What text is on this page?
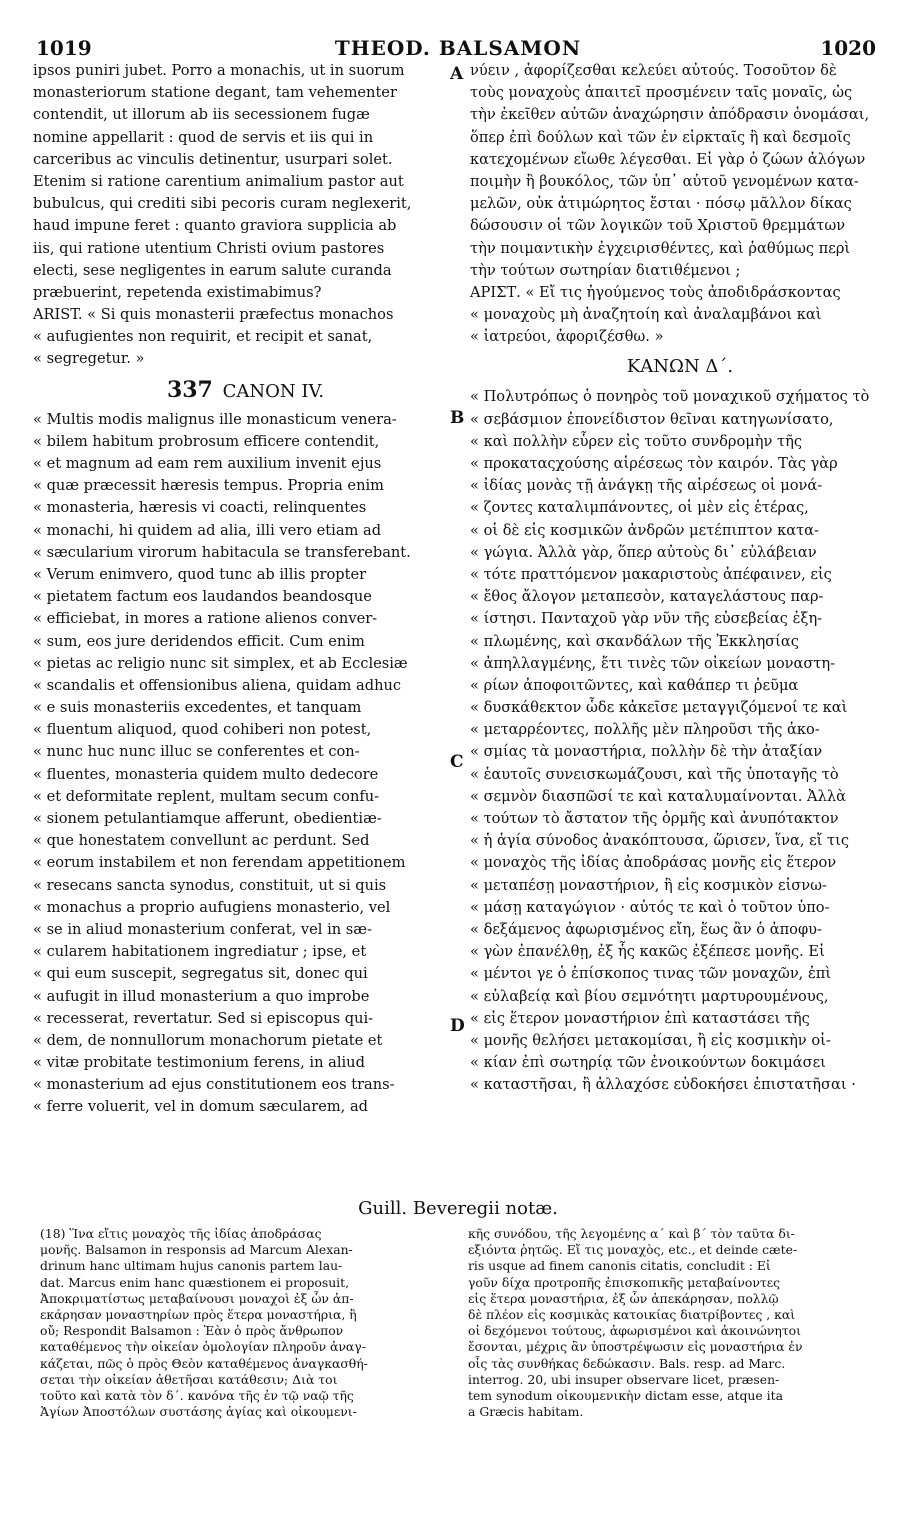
1019	THEOD. BALSAMON	1020
A
B
C
D
ipsos puniri jubet. Porro a monachis, ut in suorum
monasteriorum statione degant, tam vehementer
contendit, ut illorum ab iis secessionem fugæ
nomine appellarit : quod de servis et iis qui in
carceribus ac vinculis detinentur, usurpari solet.
Etenim si ratione carentium animalium pastor aut
bubulcus, qui crediti sibi pecoris curam neglexerit,
haud impune feret : quanto graviora supplicia ab
iis, qui ratione utentium Christi ovium pastores
electi, sese negligentes in earum salute curanda
præbuerint, repetenda existimabimus?
ARIST. « Si quis monasterii præfectus monachos
« aufugientes non requirit, et recipit et sanat,
« segregetur. »
337 CANON IV.
« Multis modis malignus ille monasticum venera-
« bilem habitum probrosum efficere contendit,
« et magnum ad eam rem auxilium invenit ejus
« quæ præcessit hæresis tempus. Propria enim
« monasteria, hæresis vi coacti, relinquentes
« monachi, hi quidem ad alia, illi vero etiam ad
« sæcularium virorum habitacula se transferebant.
« Verum enimvero, quod tunc ab illis propter
« pietatem factum eos laudandos beandosque
« efficiebat, in mores a ratione alienos conver-
« sum, eos jure deridendos efficit. Cum enim
« pietas ac religio nunc sit simplex, et ab Ecclesiæ
« scandalis et offensionibus aliena, quidam adhuc
« e suis monasteriis excedentes, et tanquam
« fluentum aliquod, quod cohiberi non potest,
« nunc huc nunc illuc se conferentes et con-
« fluentes, monasteria quidem multo dedecore
« et deformitate replent, multam secum confu-
« sionem petulantiamque afferunt, obedientiæ-
« que honestatem convellunt ac perdunt. Sed
« eorum instabilem et non ferendam appetitionem
« resecans sancta synodus, constituit, ut si quis
« monachus a proprio aufugiens monasterio, vel
« se in aliud monasterium conferat, vel in sæ-
« cularem habitationem ingrediatur ; ipse, et
« qui eum suscepit, segregatus sit, donec qui
« aufugit in illud monasterium a quo improbe
« recesserat, revertatur. Sed si episcopus qui-
« dem, de nonnullorum monachorum pietate et
« vitæ probitate testimonium ferens, in aliud
« monasterium ad ejus constitutionem eos trans-
« ferre voluerit, vel in domum sæcularem, ad
νύειν , ἀφορίζεσθαι κελεύει αὐτούς. Τοσοῦτον δὲ
τοὺς μοναχοὺς ἀπαιτεῖ προσμένειν ταῖς μοναῖς, ὡς
τὴν ἐκεῖθεν αὐτῶν ἀναχώρησιν ἀπόδρασιν ὀνομάσαι,
ὅπερ ἐπὶ δούλων καὶ τῶν ἐν εἱρκταῖς ἢ καὶ δεσμοῖς
κατεχομένων εἴωθε λέγεσθαι. Εἰ γὰρ ὁ ζώων ἀλόγων
ποιμὴν ἢ βουκόλος, τῶν ὑπ᾽ αὐτοῦ γενομένων κατα-
μελῶν, οὐκ ἀτιμώρητος ἔσται · πόσῳ μᾶλλον δίκας
δώσουσιν οἱ τῶν λογικῶν τοῦ Χριστοῦ θρεμμάτων
τὴν ποιμαντικὴν ἐγχειρισθέντες, καὶ ῥαθύμως περὶ
τὴν τούτων σωτηρίαν διατιθέμενοι ;
ΑΡΙΣΤ. « Εἴ τις ἡγούμενος τοὺς ἀποδιδράσκοντας
« μοναχοὺς μὴ ἀναζητοίη καὶ ἀναλαμβάνοι καὶ
« ἰατρεύοι, ἀφοριζέσθω. »
ΚΑΝΩΝ Δ΄.
« Πολυτρόπως ὁ πονηρὸς τοῦ μοναχικοῦ σχήματος τὸ
« σεβάσμιον ἐπονείδιστον θεῖναι κατηγωνίσατο,
« καὶ πολλὴν εὗρεν εἰς τοῦτο συνδρομὴν τῆς
« προκαταςχούσης αἱρέσεως τὸν καιρόν. Τὰς γὰρ
« ἰδίας μονὰς τῇ ἀνάγκῃ τῆς αἱρέσεως οἱ μονά-
« ζοντες καταλιμπάνοντες, οἱ μὲν εἰς ἑτέρας,
« οἱ δὲ εἰς κοσμικῶν ἀνδρῶν μετέπιπτον κατα-
« γώγια. Ἀλλὰ γὰρ, ὅπερ αὐτοὺς δι᾽ εὐλάβειαν
« τότε πραττόμενον μακαριστοὺς ἀπέφαινεν, εἰς
« ἔθος ἄλογον μεταπεσὸν, καταγελάστους παρ-
« ίστησι. Πανταχοῦ γὰρ νῦν τῆς εὐσεβείας ἐξη-
« πλωμένης, καὶ σκανδάλων τῆς Ἐκκλησίας
« ἀπηλλαγμένης, ἔτι τινὲς τῶν οἰκείων μοναστη-
« ρίων ἀποφοιτῶντες, καὶ καθάπερ τι ῥεῦμα
« δυσκάθεκτον ὧδε κἀκεῖσε μεταγγιζόμενοί τε καὶ
« μεταρρέοντες, πολλῆς μὲν πληροῦσι τῆς ἀκο-
« σμίας τὰ μοναστήρια, πολλὴν δὲ τὴν ἀταξίαν
« ἑαυτοῖς συνεισκωμάζουσι, καὶ τῆς ὑποταγῆς τὸ
« σεμνὸν διασπῶσί τε καὶ καταλυμαίνονται. Ἀλλὰ
« τούτων τὸ ἄστατον τῆς ὁρμῆς καὶ ἀνυπότακτον
« ἡ ἁγία σύνοδος ἀνακόπτουσα, ὥρισεν, ἵνα, εἴ τις
« μοναχὸς τῆς ἰδίας ἀποδράσας μονῆς εἰς ἕτερον
« μεταπέσῃ μοναστήριον, ἢ εἰς κοσμικὸν εἰσνω-
« μάσῃ καταγώγιον · αὐτός τε καὶ ὁ τοῦτον ὑπο-
« δεξάμενος ἀφωρισμένος εἴη, ἕως ἂν ὁ ἀποφυ-
« γὼν ἐπανέλθῃ, ἐξ ἧς κακῶς ἐξέπεσε μονῆς. Εἰ
« μέντοι γε ὁ ἐπίσκοπος τινας τῶν μοναχῶν, ἐπὶ
« εὐλαβείᾳ καὶ βίου σεμνότητι μαρτυρουμένους,
« εἰς ἕτερον μοναστήριον ἐπὶ καταστάσει τῆς
« μονῆς θελήσει μετακομίσαι, ἢ εἰς κοσμικὴν οἰ-
« κίαν ἐπὶ σωτηρίᾳ τῶν ἐνοικούντων δοκιμάσει
« καταστῆσαι, ἢ ἀλλαχόσε εὐδοκήσει ἐπιστατῆσαι ·
Guill. Beveregii notæ.
(18) Ἵνα εἴτις μοναχὸς τῆς ἰδίας ἀποδράσας
μονῆς. Balsamon in responsis ad Marcum Alexan-
drinum hanc ultimam hujus canonis partem lau-
dat. Marcus enim hanc quæstionem ei proposuit,
Ἀποκριματίστως μεταβαίνουσι μοναχοὶ ἐξ ὧν ἀπ-
εκάρησαν μοναστηρίων πρὸς ἕτερα μοναστήρια, ἢ
οὔ; Respondit Balsamon : Ἐὰν ὁ πρὸς ἄνθρωπον
καταθέμενος τὴν οἰκείαν ὁμολογίαν πληροῦν ἀναγ-
κάζεται, πῶς ὁ πρὸς Θεὸν καταθέμενος ἀναγκασθή-
σεται τὴν οἰκείαν ἀθετῆσαι κατάθεσιν; Διὰ τοι
τοῦτο καὶ κατὰ τὸν δ΄. κανόνα τῆς ἐν τῷ ναῷ τῆς
Ἁγίων Ἀποστόλων συστάσης ἁγίας καὶ οἰκουμενι-
κῆς συνόδου, τῆς λεγομένης α΄ καὶ β΄ τὸν ταῦτα δι-
εξιόντα ῥητῶς. Εἴ τις μοναχὸς, etc., et deinde cæte-
ris usque ad finem canonis citatis, concludit : Εἰ
γοῦν δίχα προτροπῆς ἐπισκοπικῆς μεταβαίνοντες
εἰς ἕτερα μοναστήρια, ἐξ ὧν ἀπεκάρησαν, πολλῷ
δὲ πλέον εἰς κοσμικὰς κατοικίας διατρίβοντες , καὶ
οἱ δεχόμενοι τούτους, ἀφωρισμένοι καὶ ἀκοινώνητοι
ἔσονται, μέχρις ἂν ὑποστρέψωσιν εἰς μοναστήρια ἐν
οἷς τὰς συνθήκας δεδώκασιν. Bals. resp. ad Marc.
interrog. 20, ubi insuper observare licet, præsen-
tem synodum οἰκουμενικὴν dictam esse, atque ita
a Græcis habitam.
